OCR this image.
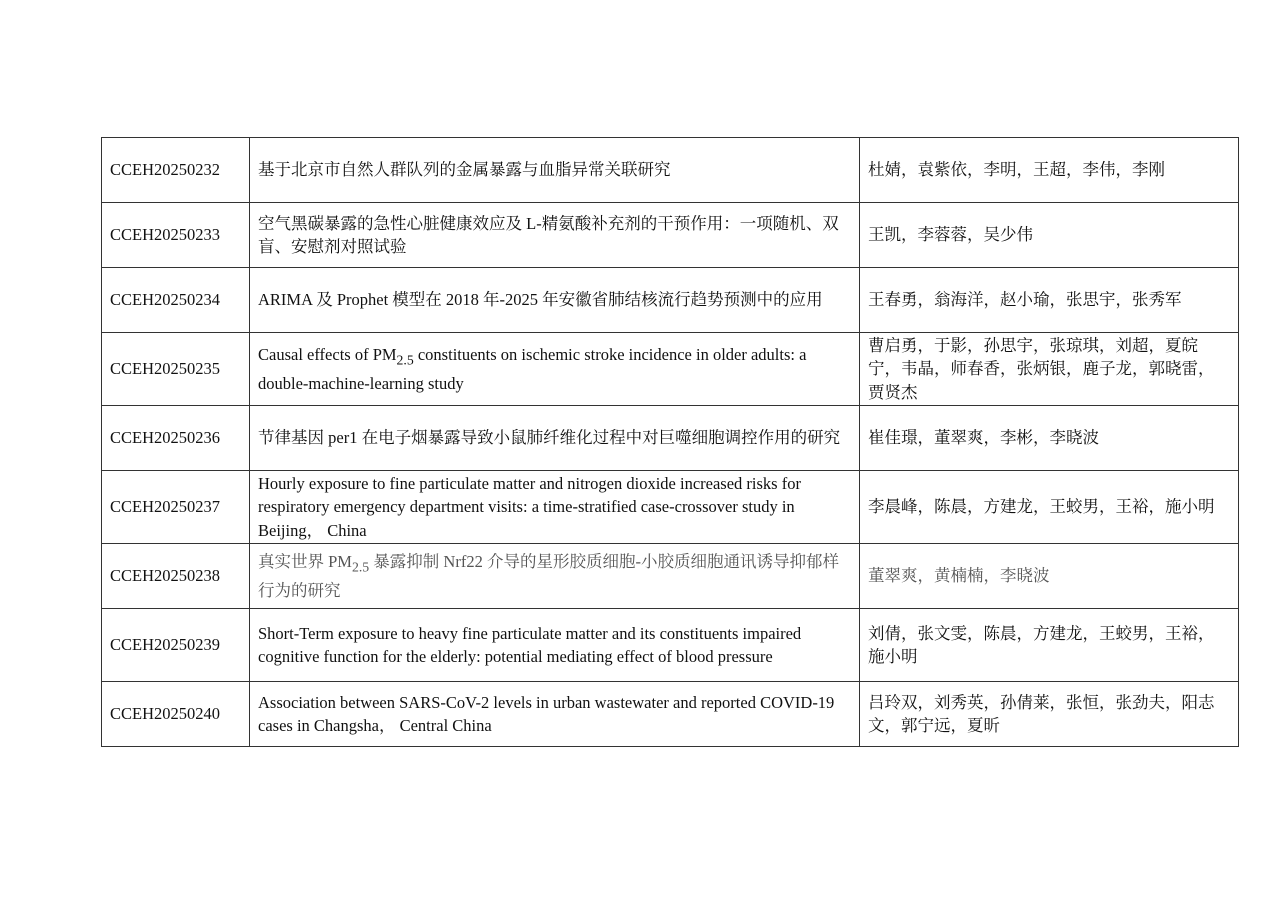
CCEH20250232	基于北京市自然人群队列的金属暴露与血脂异常关联研究	杜婧，袁紫依，李明，王超，李伟，李刚
CCEH20250233	空气黑碳暴露的急性心脏健康效应及 L-精氨酸补充剂的干预作用：一项随机、双盲、安慰剂对照试验	王凯，李蓉蓉，吴少伟
CCEH20250234	ARIMA 及 Prophet 模型在 2018 年-2025 年安徽省肺结核流行趋势预测中的应用	王春勇，翁海洋，赵小瑜，张思宇，张秀军
CCEH20250235	Causal effects of $PM_{2.5}$ constituents on ischemic stroke incidence in older adults: a double-machine-learning study	曹启勇，于影，孙思宇，张琼琪，刘超，夏皖宁，韦晶，师春香，张炳银，鹿子龙，郭晓雷，贾贤杰
CCEH20250236	节律基因 per1 在电子烟暴露导致小鼠肺纤维化过程中对巨噬细胞调控作用的研究	崔佳璟，董翠爽，李彬，李晓波
CCEH20250237	Hourly exposure to fine particulate matter and nitrogen dioxide increased risks for respiratory emergency department visits: a time-stratified case-crossover study in Beijing， China	李晨峰，陈晨，方建龙，王蛟男，王裕，施小明
CCEH20250238	真实世界 $PM_{2.5}$ 暴露抑制 Nrf22 介导的星形胶质细胞-小胶质细胞通讯诱导抑郁样行为的研究	董翠爽，黄楠楠，李晓波
CCEH20250239	Short-Term exposure to heavy fine particulate matter and its constituents impaired cognitive function for the elderly: potential mediating effect of blood pressure	刘倩，张文雯，陈晨，方建龙，王蛟男，王裕，施小明
CCEH20250240	Association between SARS-CoV-2 levels in urban wastewater and reported COVID-19 cases in Changsha， Central China	吕玲双，刘秀英，孙倩莱，张恒，张劲夫，阳志文，郭宁远，夏昕
